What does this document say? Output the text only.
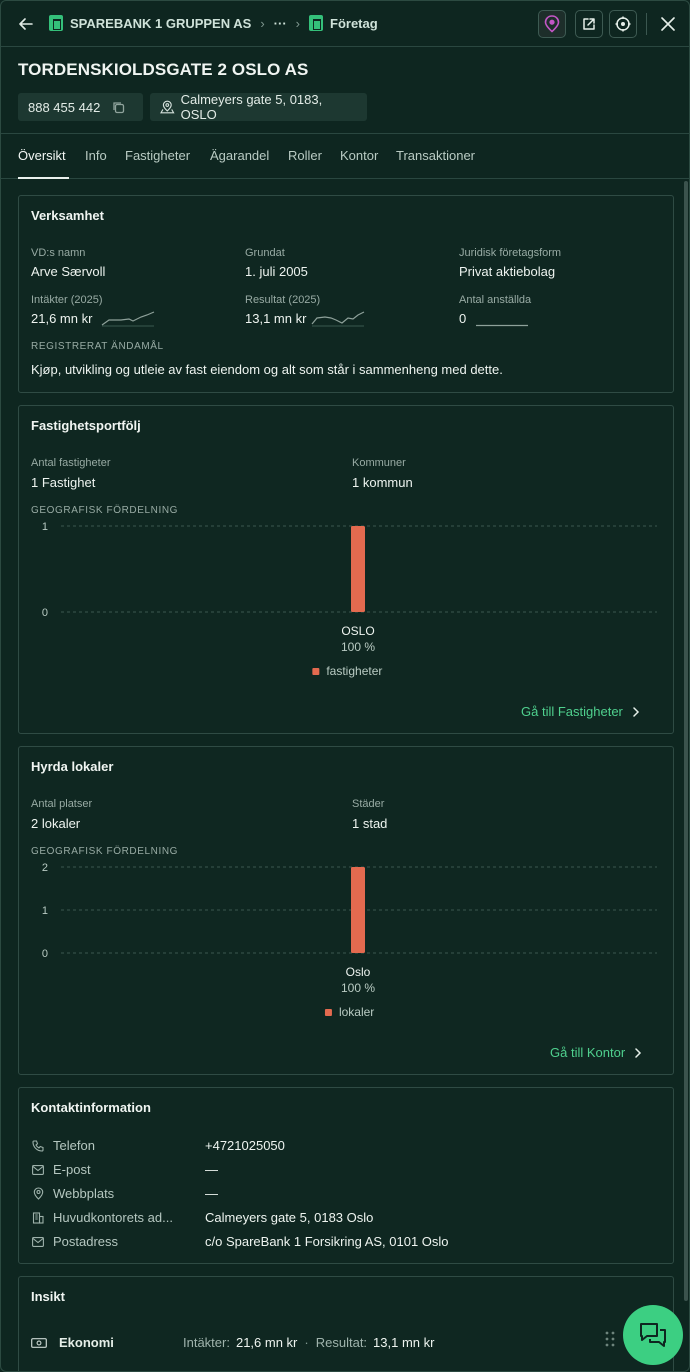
SPAREBANK 1 GRUPPEN AS › ··· › Företag
TORDENSKIOLDSGATE 2 OSLO AS
888 455 442	Calmeyers gate 5, 0183, OSLO
Översikt Info Fastigheter Ägarandel Roller Kontor Transaktioner
Verksamhet
VD:s namn
Arve Særvoll
Grundat
1. juli 2005
Juridisk företagsform
Privat aktiebolag
Intäkter (2025)
21,6 mn kr
Resultat (2025)
13,1 mn kr
Antal anställda
0
REGISTRERAT ÄNDAMÅL
Kjøp, utvikling og utleie av fast eiendom og alt som står i sammenheng med dette.
Fastighetsportfölj
Antal fastigheter
1 Fastighet
Kommuner
1 kommun
GEOGRAFISK FÖRDELNING
0
1
OSLO
100 %
fastigheter
Gå till Fastigheter
Hyrda lokaler
Antal platser
2 lokaler
Städer
1 stad
GEOGRAFISK FÖRDELNING
0
1
2
Oslo
100 %
lokaler
Gå till Kontor
Kontaktinformation
Telefon	+4721025050
E-post	—
Webbplats	—
Huvudkontorets ad...	Calmeyers gate 5, 0183 Oslo
Postadress	c/o SpareBank 1 Forsikring AS, 0101 Oslo
Insikt
Ekonomi	Intäkter: 21,6 mn kr · Resultat: 13,1 mn kr
